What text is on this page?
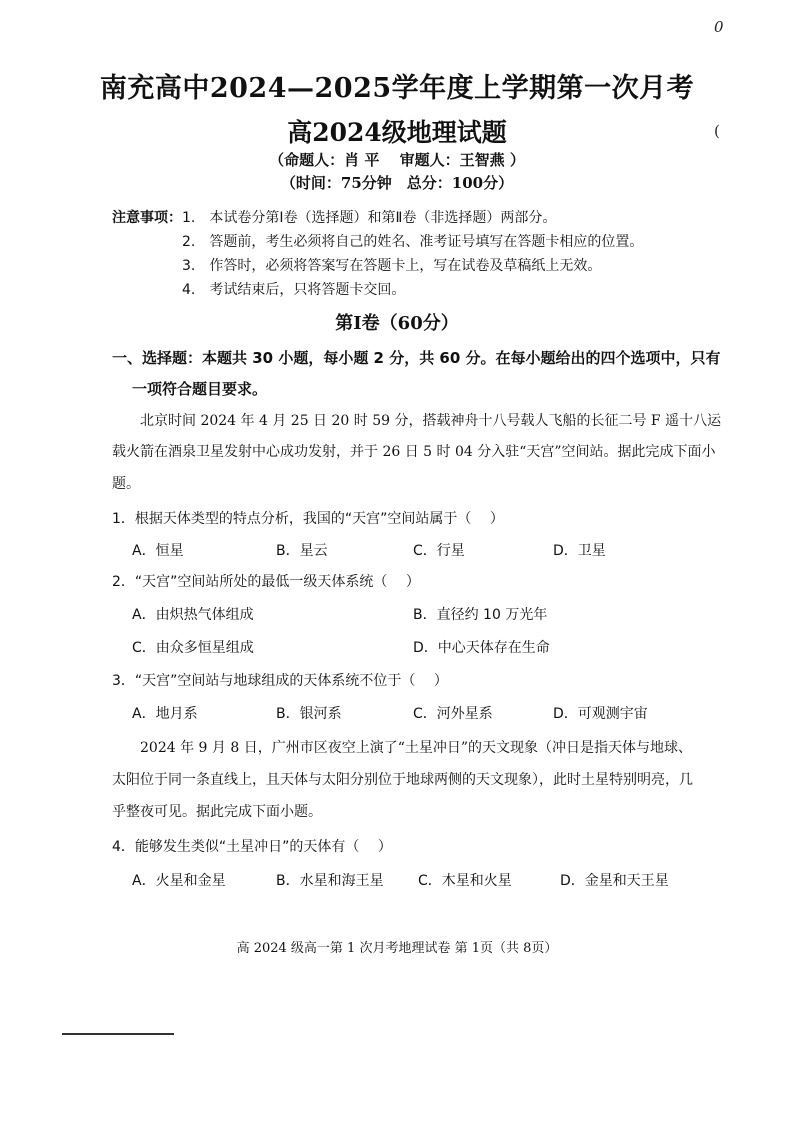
0
(
南充高中2024—2025学年度上学期第一次月考
高2024级地理试题
（命题人：肖 平　 审题人：王智燕 ）
（时间：75分钟　总分：100分）
注意事项： 1.　本试卷分第Ⅰ卷（选择题）和第Ⅱ卷（非选择题）两部分。
2.　答题前，考生必须将自己的姓名、准考证号填写在答题卡相应的位置。
3.　作答时，必须将答案写在答题卡上，写在试卷及草稿纸上无效。
4.　考试结束后，只将答题卡交回。
第Ⅰ卷（60分）
一、选择题：本题共 30 小题，每小题 2 分，共 60 分。在每小题给出的四个选项中，只有
一项符合题目要求。
北京时间 2024 年 4 月 25 日 20 时 59 分，搭载神舟十八号载人飞船的长征二号 F 遥十八运
载火箭在酒泉卫星发射中心成功发射，并于 26 日 5 时 04 分入驻“天宫”空间站。据此完成下面小
题。
1．根据天体类型的特点分析，我国的“天宫”空间站属于（　 ）
A．恒星	B．星云	C．行星	D．卫星
2．“天宫”空间站所处的最低一级天体系统（　 ）
A．由炽热气体组成	B．直径约 10 万光年
C．由众多恒星组成	D．中心天体存在生命
3．“天宫”空间站与地球组成的天体系统不位于（　 ）
A．地月系	B．银河系	C．河外星系	D．可观测宇宙
2024 年 9 月 8 日，广州市区夜空上演了“土星冲日”的天文现象（冲日是指天体与地球、
太阳位于同一条直线上，且天体与太阳分别位于地球两侧的天文现象），此时土星特别明亮，几
乎整夜可见。据此完成下面小题。
4．能够发生类似“土星冲日”的天体有（　 ）
A．火星和金星	B．水星和海王星 C．木星和火星	D．金星和天王星
高 2024 级高一第 1 次月考地理试卷 第 1页（共 8页）
